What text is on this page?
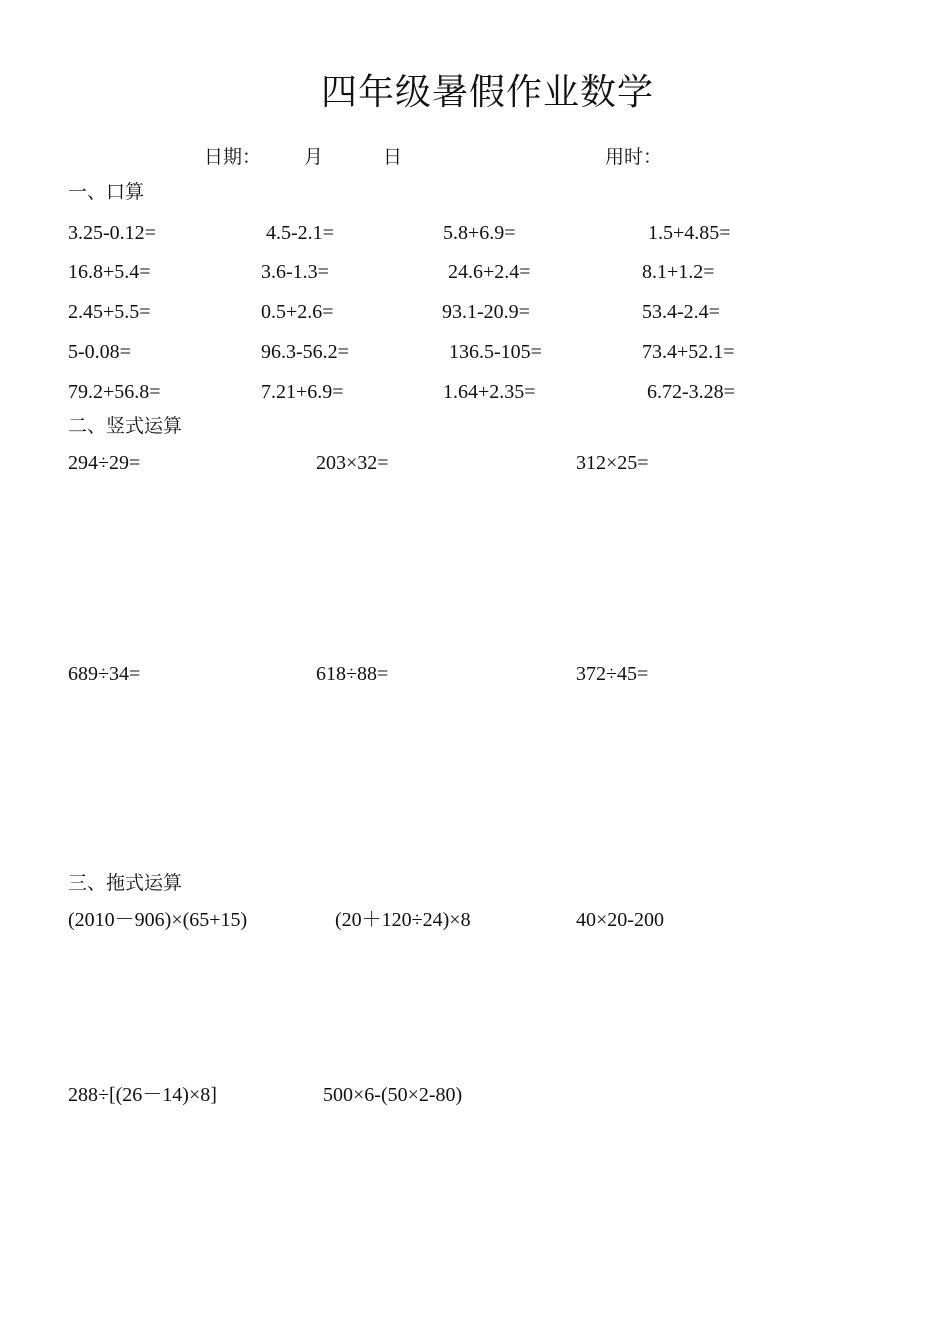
四年级暑假作业数学
日期： 月	日	用时：
一、口算
3.25-0.12=	4.5-2.1=	5.8+6.9=	1.5+4.85=
16.8+5.4=	3.6-1.3=	24.6+2.4=	8.1+1.2=
2.45+5.5=	0.5+2.6=	93.1-20.9=	53.4-2.4=
5-0.08=	96.3-56.2=	136.5-105=	73.4+52.1=
79.2+56.8=	7.21+6.9=	1.64+2.35=	6.72-3.28=
二、竖式运算
294÷29=	203×32=	312×25=
689÷34=	618÷88=	372÷45=
三、拖式运算
(2010－906)×(65+15)	(20＋120÷24)×8	40×20-200
288÷[(26－14)×8]	500×6-(50×2-80)
